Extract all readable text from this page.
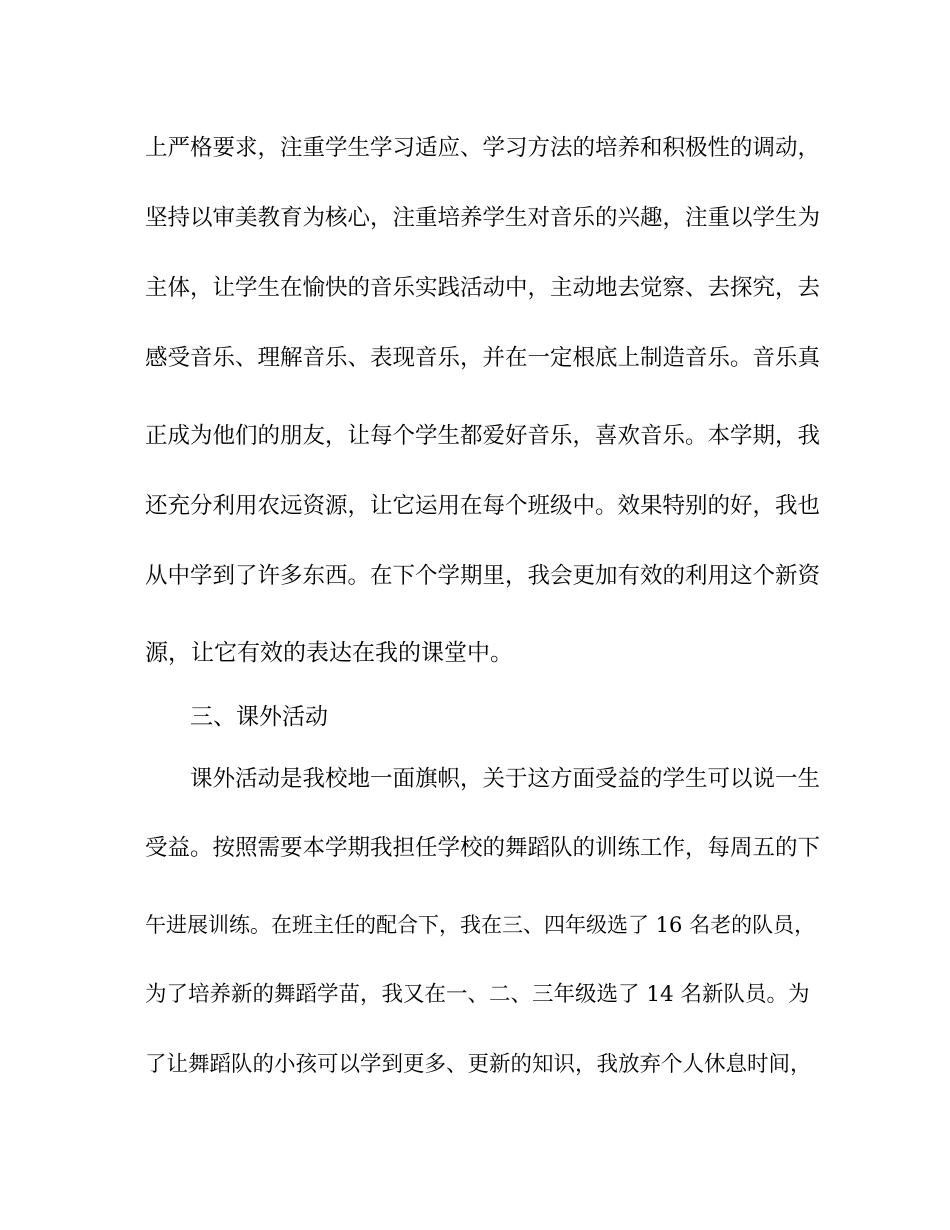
上严格要求，注重学生学习适应、学习方法的培养和积极性的调动，
坚持以审美教育为核心，注重培养学生对音乐的兴趣，注重以学生为
主体，让学生在愉快的音乐实践活动中，主动地去觉察、去探究，去
感受音乐、理解音乐、表现音乐，并在一定根底上制造音乐。音乐真
正成为他们的朋友，让每个学生都爱好音乐，喜欢音乐。本学期，我
还充分利用农远资源，让它运用在每个班级中。效果特别的好，我也
从中学到了许多东西。在下个学期里，我会更加有效的利用这个新资
源，让它有效的表达在我的课堂中。
三、课外活动
课外活动是我校地一面旗帜，关于这方面受益的学生可以说一生
受益。按照需要本学期我担任学校的舞蹈队的训练工作，每周五的下
午进展训练。在班主任的配合下，我在三、四年级选了 16 名老的队员，
为了培养新的舞蹈学苗，我又在一、二、三年级选了 14 名新队员。为
了让舞蹈队的小孩可以学到更多、更新的知识，我放弃个人休息时间，
